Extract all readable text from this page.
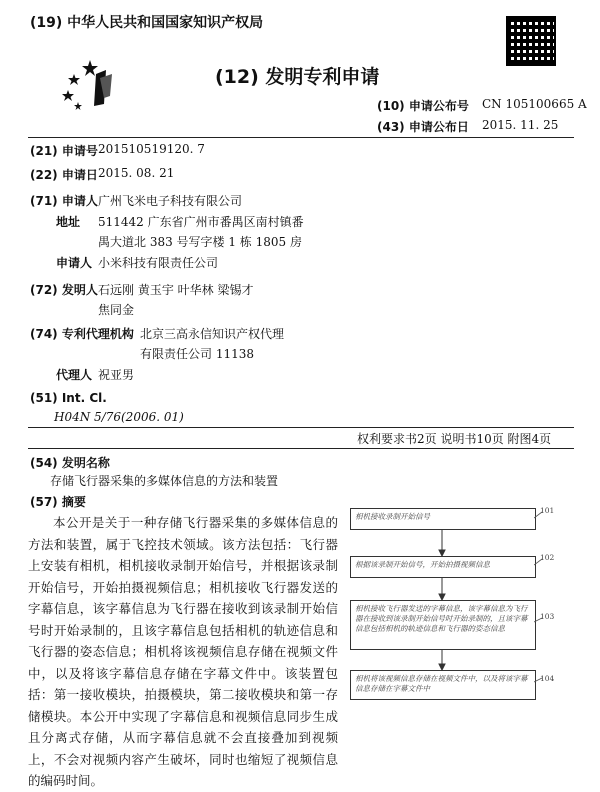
(19) 中华人民共和国国家知识产权局
(12) 发明专利申请
(10) 申请公布号 CN 105100665 A
(43) 申请公布日 2015. 11. 25
(21) 申请号 201510519120. 7
(22) 申请日 2015. 08. 21
(71) 申请人 广州飞米电子科技有限公司
地址 511442 广东省广州市番禺区南村镇番
禺大道北 383 号写字楼 1 栋 1805 房
申请人 小米科技有限责任公司
(72) 发明人 石远刚 黄玉宇 叶华林 梁锡才
焦同金
(74) 专利代理机构 北京三高永信知识产权代理
有限责任公司 11138
代理人 祝亚男
(51) Int. Cl.
H04N 5/76(2006. 01)
权利要求书2页 说明书10页 附图4页
(54) 发明名称
存储飞行器采集的多媒体信息的方法和装置
(57) 摘要

本公开是关于一种存储飞行器采集的多媒体信息的方法和装置，属于飞控技术领域。该方法包括：飞行器上安装有相机，相机接收录制开始信号，并根据该录制开始信号，开始拍摄视频信息；相机接收飞行器发送的字幕信息，该字幕信息为飞行器在接收到该录制开始信号时开始录制的，且该字幕信息包括相机的轨迹信息和飞行器的姿态信息；相机将该视频信息存储在视频文件中，以及将该字幕信息存储在字幕文件中。该装置包括：第一接收模块，拍摄模块，第二接收模块和第一存储模块。本公开中实现了字幕信息和视频信息同步生成且分离式存储，从而字幕信息就不会直接叠加到视频上，不会对视频内容产生破坏，同时也缩短了视频信息的编码时间。

相机接收录制开始信号
101
根据该录制开始信号，开始拍摄视频信息
102
相机接收飞行器发送的字幕信息，该字幕信息为飞行器在接收到该录制开始信号时开始录制的，且该字幕信息包括相机的轨迹信息和飞行器的姿态信息
103
相机将该视频信息存储在视频文件中，以及将该字幕信息存储在字幕文件中
104
